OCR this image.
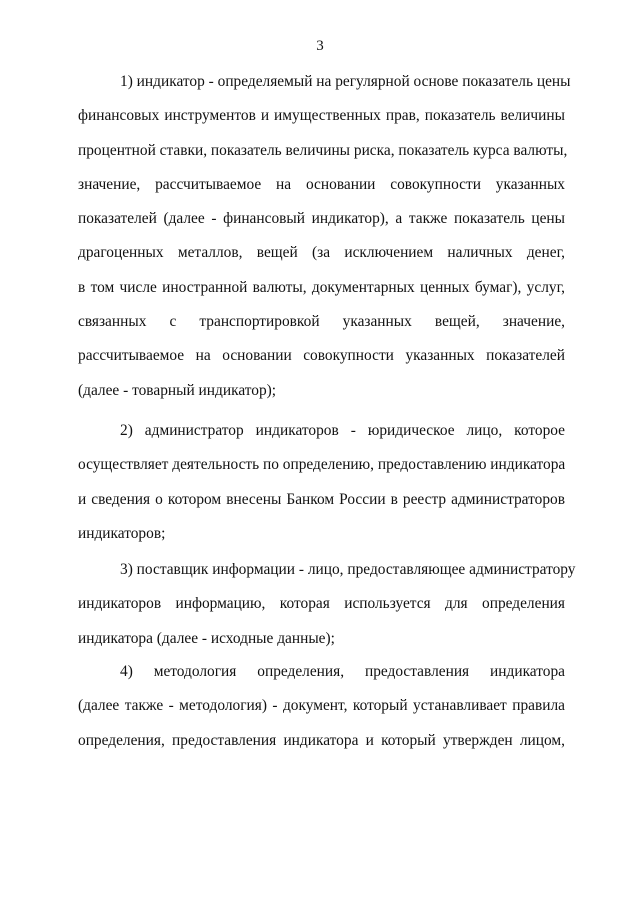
3
1) индикатор - определяемый на регулярной основе показатель цены
финансовых инструментов и имущественных прав, показатель величины
процентной ставки, показатель величины риска, показатель курса валюты,
значение, рассчитываемое на основании совокупности указанных
показателей (далее - финансовый индикатор), а также показатель цены
драгоценных металлов, вещей (за исключением наличных денег,
в том числе иностранной валюты, документарных ценных бумаг), услуг,
связанных с транспортировкой указанных вещей, значение,
рассчитываемое на основании совокупности указанных показателей
(далее - товарный индикатор);
2) администратор индикаторов - юридическое лицо, которое
осуществляет деятельность по определению, предоставлению индикатора
и сведения о котором внесены Банком России в реестр администраторов
индикаторов;
3) поставщик информации - лицо, предоставляющее администратору
индикаторов информацию, которая используется для определения
индикатора (далее - исходные данные);
4) методология определения, предоставления индикатора
(далее также - методология) - документ, который устанавливает правила
определения, предоставления индикатора и который утвержден лицом,
